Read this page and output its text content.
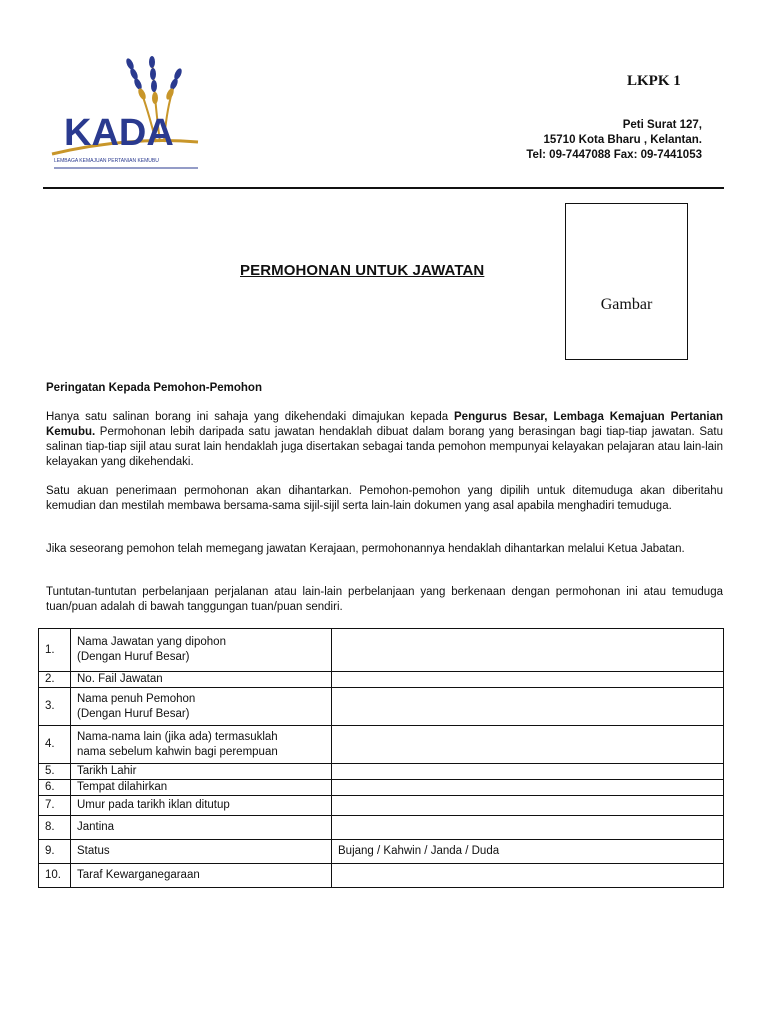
KADA
LEMBAGA KEMAJUAN PERTANIAN KEMUBU
LKPK 1
Peti Surat 127,
15710 Kota Bharu , Kelantan.
Tel: 09-7447088 Fax: 09-7441053
Gambar
PERMOHONAN UNTUK JAWATAN
Peringatan Kepada Pemohon-Pemohon
Hanya satu salinan borang ini sahaja yang dikehendaki dimajukan kepada Pengurus Besar, Lembaga Kemajuan Pertanian Kemubu. Permohonan lebih daripada satu jawatan hendaklah dibuat dalam borang yang berasingan bagi tiap-tiap jawatan. Satu salinan tiap-tiap sijil atau surat lain hendaklah juga disertakan sebagai tanda pemohon mempunyai kelayakan pelajaran atau lain-lain kelayakan yang dikehendaki.
Satu akuan penerimaan permohonan akan dihantarkan. Pemohon-pemohon yang dipilih untuk ditemuduga akan diberitahu kemudian dan mestilah membawa bersama-sama sijil-sijil serta lain-lain dokumen yang asal apabila menghadiri temuduga.
Jika seseorang pemohon telah memegang jawatan Kerajaan, permohonannya hendaklah dihantarkan melalui Ketua Jabatan.
Tuntutan-tuntutan perbelanjaan perjalanan atau lain-lain perbelanjaan yang berkenaan dengan permohonan ini atau temuduga tuan/puan adalah di bawah tanggungan tuan/puan sendiri.
1.	Nama Jawatan yang dipohon
(Dengan Huruf Besar)	

2.	No. Fail Jawatan	
3.	Nama penuh Pemohon
(Dengan Huruf Besar)	

4.	Nama-nama lain (jika ada) termasuklah
nama sebelum kahwin bagi perempuan	

5.	Tarikh Lahir	
6.	Tempat dilahirkan	
7.	Umur pada tarikh iklan ditutup	
8.	Jantina	
9.	Status	Bujang / Kahwin / Janda / Duda
10.	Taraf Kewarganegaraan	
